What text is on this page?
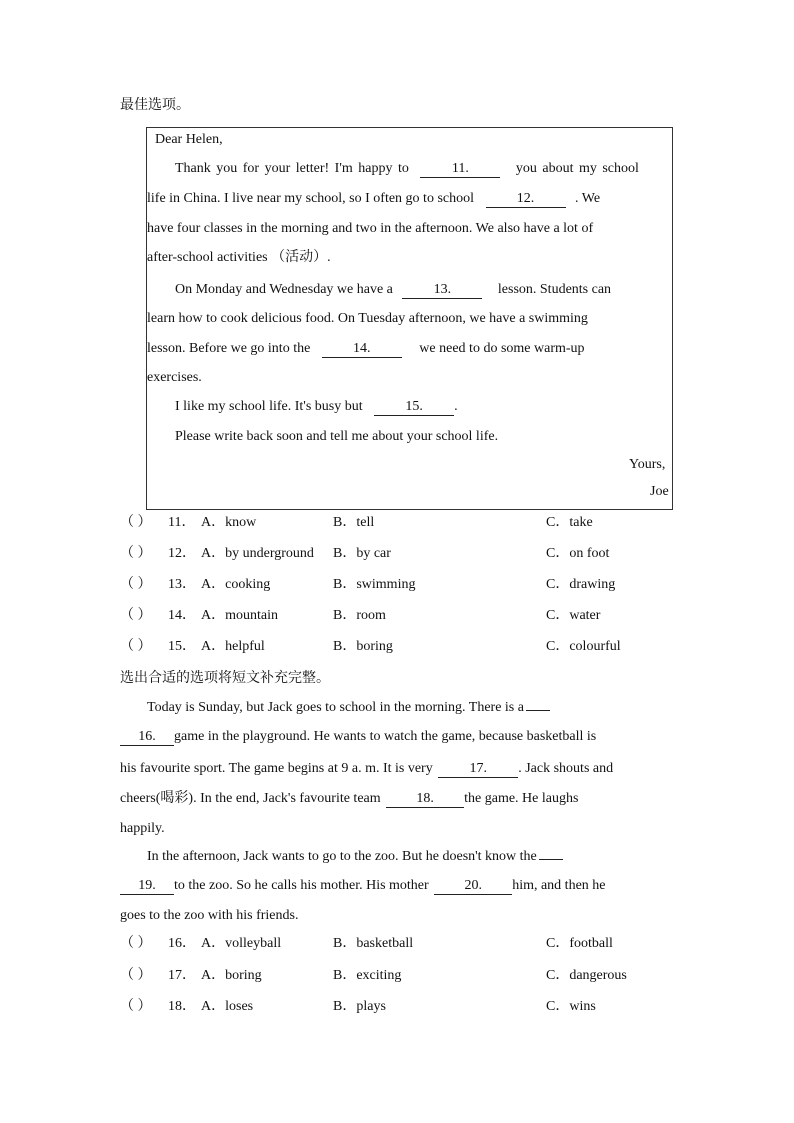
最佳选项。
Dear Helen,
Thank you for your letter! I'm happy to	11.	you about my school
life in China. I live near my school, so I often go to school	12.	. We
have four classes in the morning and two in the afternoon. We also have a lot of
after-school activities （活动）.
On Monday and Wednesday we have a	13.	lesson. Students can
learn how to cook delicious food. On Tuesday afternoon, we have a swimming
lesson. Before we go into the	14.	we need to do some warm-up
exercises.
I like my school life. It's busy but	15. .
Please write back soon and tell me about your school life.
Yours,
Joe
（ ） 11． A．know	B．tell	C．take
（ ） 12． A．by underground B．by car	C．on foot
（ ） 13． A．cooking	B．swimming	C．drawing
（ ） 14． A．mountain	B．room	C．water
（ ） 15． A．helpful	B．boring	C．colourful
选出合适的选项将短文补充完整。
Today is Sunday, but Jack goes to school in the morning. There is a
16. game in the playground. He wants to watch the game, because basketball is
his favourite sport. The game begins at 9 a. m. It is very	17. . Jack shouts and
cheers(喝彩). In the end, Jack's favourite team	18. the game. He laughs
happily.
In the afternoon, Jack wants to go to the zoo. But he doesn't know the
19. to the zoo. So he calls his mother. His mother	20. him, and then he
goes to the zoo with his friends.
（ ） 16． A．volleyball	B．basketball	C．football
（ ） 17． A．boring	B．exciting	C．dangerous
（ ） 18． A．loses	B．plays	C．wins
